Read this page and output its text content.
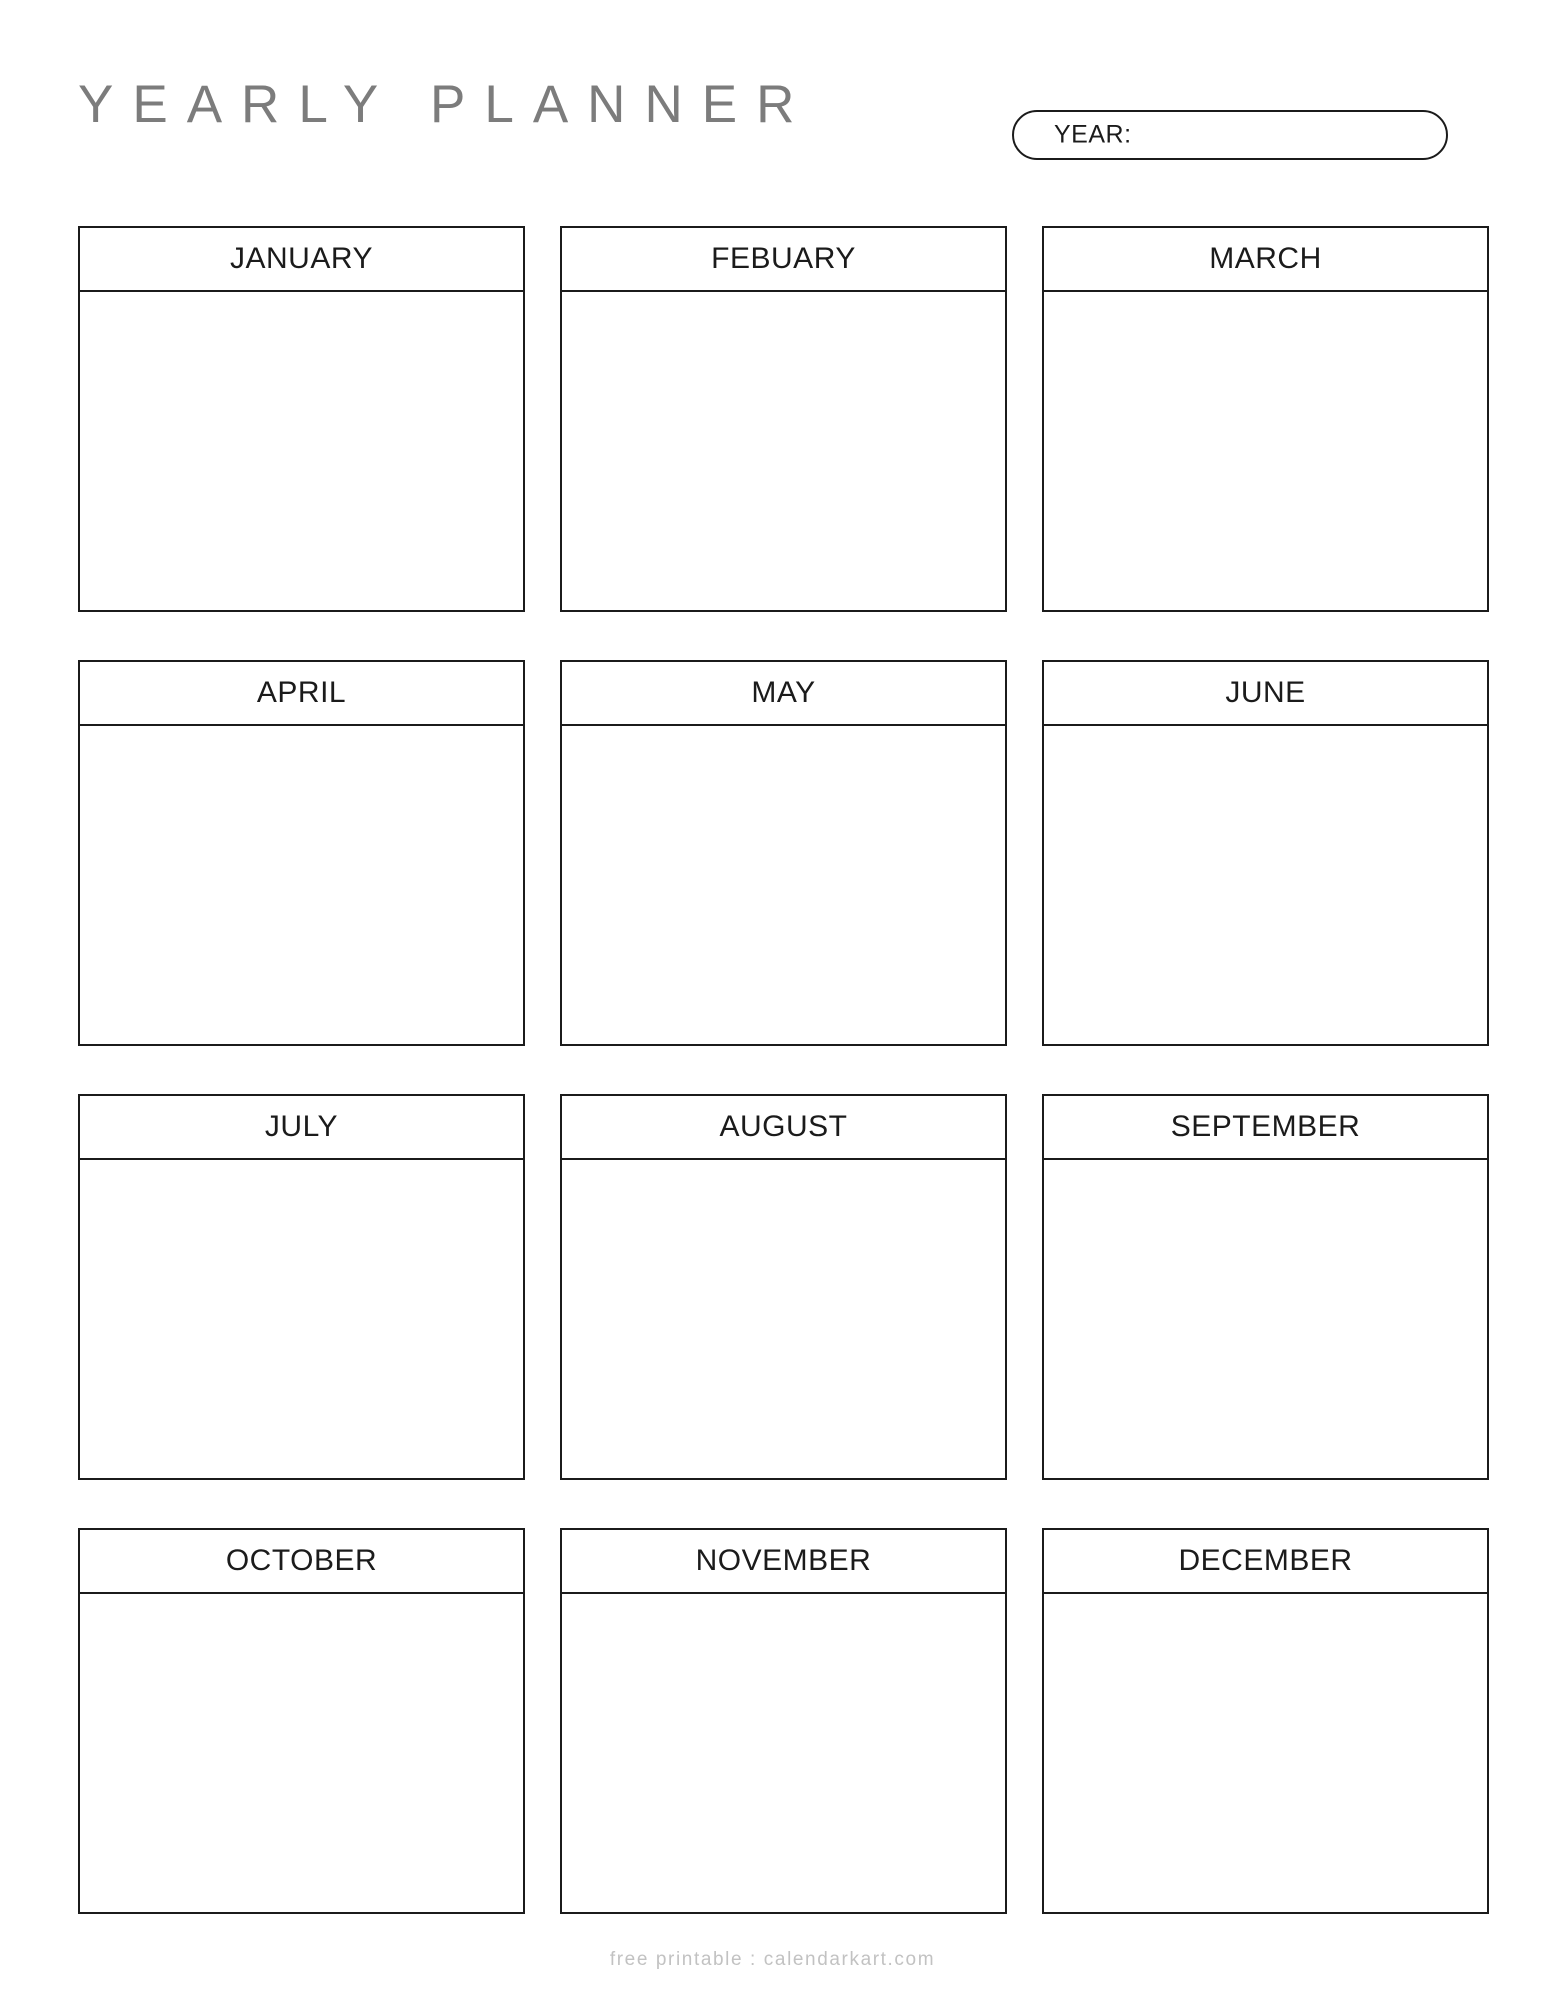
YEARLY PLANNER
YEAR:
JANUARY	FEBUARY	MARCH
APRIL	MAY	JUNE
JULY	AUGUST	SEPTEMBER
OCTOBER	NOVEMBER	DECEMBER
free printable : calendarkart.com
